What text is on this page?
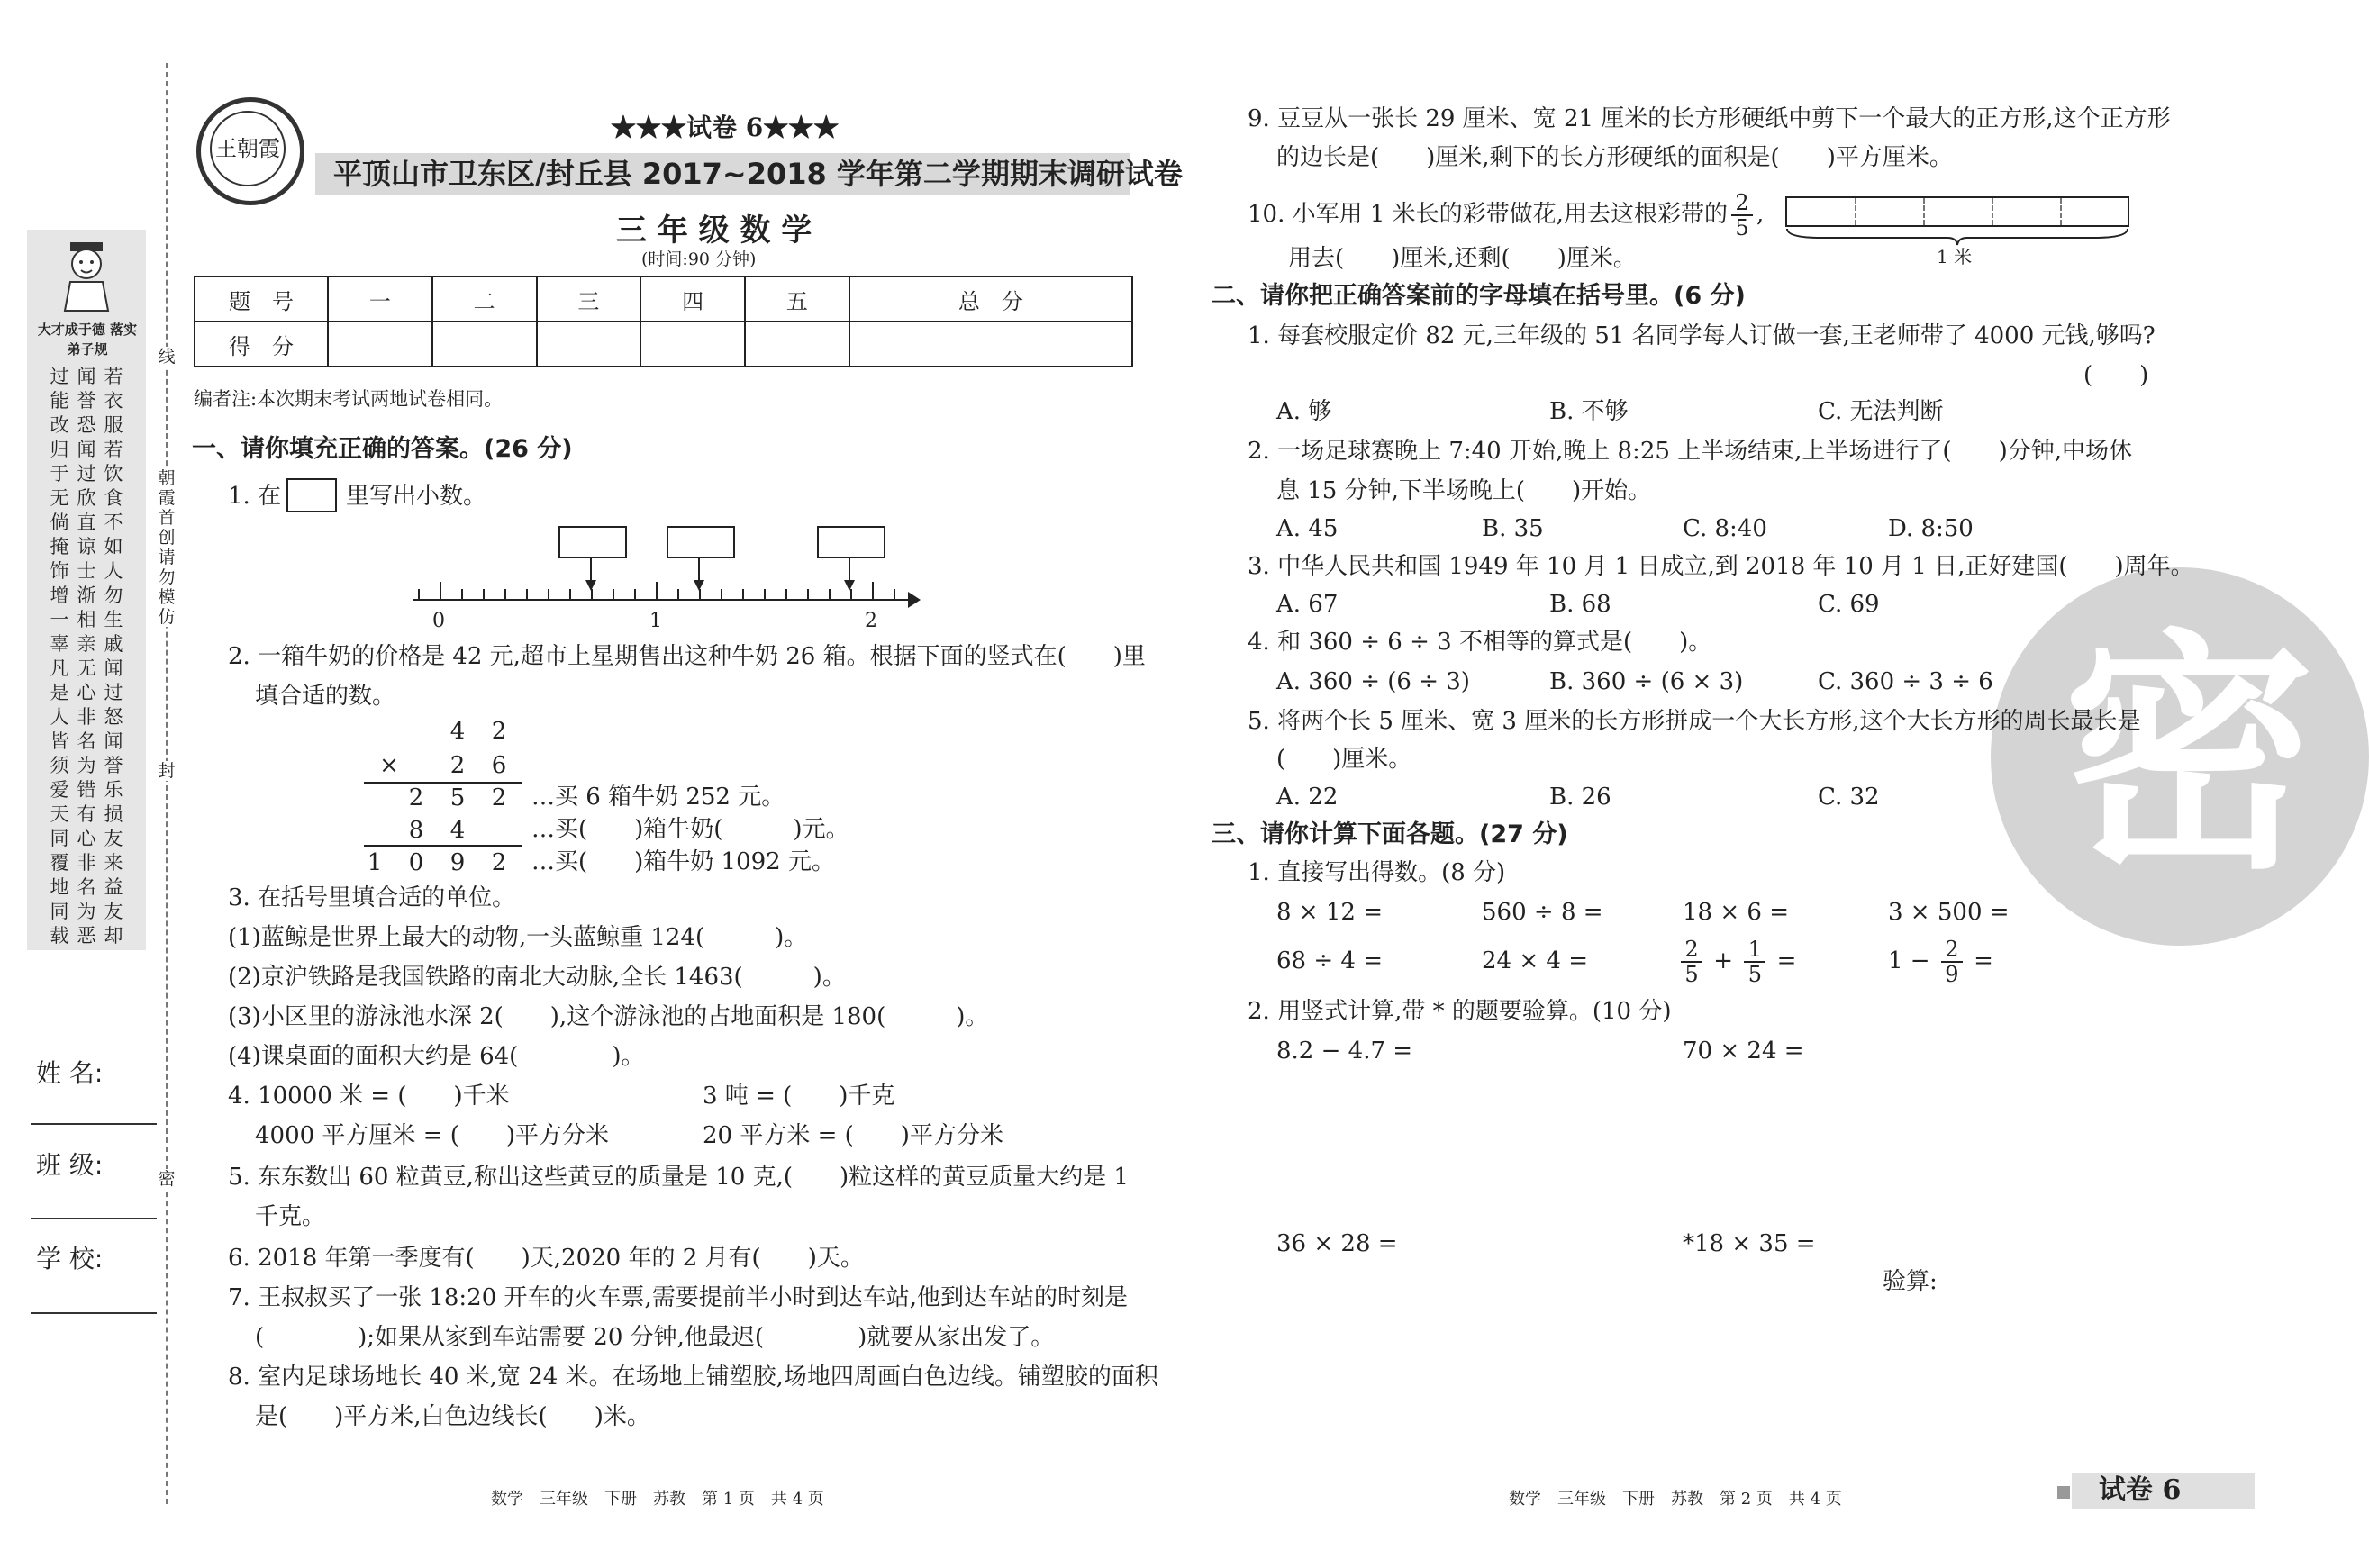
大才成于德 落实弟子规
过能改归于无倘掩饰增一辜凡是人皆须爱天同覆地同载
闻誉恐闻过欣直谅士渐相亲无心非名为错有心非名为恶
若衣服若饮食不如人勿生戚闻过怒闻誉乐损友来益友却
姓 名:
班 级:
学 校:
线
朝霞首创 请勿模仿
封
密
王朝霞
★★★试卷 6★★★
平顶山市卫东区/封丘县 2017~2018 学年第二学期期末调研试卷
三 年 级 数 学
(时间:90 分钟)
题　号	一	二	三	四	五	总　分
得　分						
编者注:本次期末考试两地试卷相同。
一、请你填充正确的答案。(26 分)
1. 在	里写出小数。
0	1	2
2. 一箱牛奶的价格是 42 元,超市上星期售出这种牛奶 26 箱。根据下面的竖式在(　　)里
填合适的数。
4 2
× 2 6
2 5 2 …买 6 箱牛奶 252 元。
8 4	…买(　　)箱牛奶(　　　)元。
1 0 9 2 …买(　　)箱牛奶 1092 元。
3. 在括号里填合适的单位。
(1)蓝鲸是世界上最大的动物,一头蓝鲸重 124(　　　)。
(2)京沪铁路是我国铁路的南北大动脉,全长 1463(　　　)。
(3)小区里的游泳池水深 2(　　),这个游泳池的占地面积是 180(　　　)。
(4)课桌面的面积大约是 64(　　　　)。
4. 10000 米 = (　　)千米	3 吨 = (　　)千克
4000 平方厘米 = (　　)平方分米	20 平方米 = (　　)平方分米
5. 东东数出 60 粒黄豆,称出这些黄豆的质量是 10 克,(　　)粒这样的黄豆质量大约是 1
千克。
6. 2018 年第一季度有(　　)天,2020 年的 2 月有(　　)天。
7. 王叔叔买了一张 18:20 开车的火车票,需要提前半小时到达车站,他到达车站的时刻是
(　　　　);如果从家到车站需要 20 分钟,他最迟(　　　　)就要从家出发了。
8. 室内足球场地长 40 米,宽 24 米。在场地上铺塑胶,场地四周画白色边线。铺塑胶的面积
是(　　)平方米,白色边线长(　　)米。
数学　三年级　下册　苏教　第 1 页　共 4 页
9. 豆豆从一张长 29 厘米、宽 21 厘米的长方形硬纸中剪下一个最大的正方形,这个正方形
的边长是(　　)厘米,剩下的长方形硬纸的面积是(　　)平方厘米。
10. 小军用 1 米长的彩带做花,用去这根彩带的 $\frac{2}{5}$ ,
1 米
用去(　　)厘米,还剩(　　)厘米。
密
二、请你把正确答案前的字母填在括号里。(6 分)
1. 每套校服定价 82 元,三年级的 51 名同学每人订做一套,王老师带了 4000 元钱,够吗?
(　　)
A. 够	B. 不够	C. 无法判断
2. 一场足球赛晚上 7:40 开始,晚上 8:25 上半场结束,上半场进行了(　　)分钟,中场休
息 15 分钟,下半场晚上(　　)开始。
A. 45	B. 35	C. 8:40	D. 8:50
3. 中华人民共和国 1949 年 10 月 1 日成立,到 2018 年 10 月 1 日,正好建国(　　)周年。
A. 67	B. 68	C. 69
4. 和 360 ÷ 6 ÷ 3 不相等的算式是(　　)。
A. 360 ÷ (6 ÷ 3)	B. 360 ÷ (6 × 3)	C. 360 ÷ 3 ÷ 6
5. 将两个长 5 厘米、宽 3 厘米的长方形拼成一个大长方形,这个大长方形的周长最长是
(　　)厘米。
A. 22	B. 26	C. 32
三、请你计算下面各题。(27 分)
1. 直接写出得数。(8 分)
8 × 12 =	560 ÷ 8 =	18 × 6 =	3 × 500 =
68 ÷ 4 =	24 × 4 =	$\frac{2}{5} + \frac{1}{5}$ =	$1 - \frac{2}{9}$ =
2. 用竖式计算,带 * 的题要验算。(10 分)
8.2 − 4.7 =	70 × 24 =
36 × 28 =	*18 × 35 =
验算:
数学　三年级　下册　苏教　第 2 页　共 4 页	试卷 6
